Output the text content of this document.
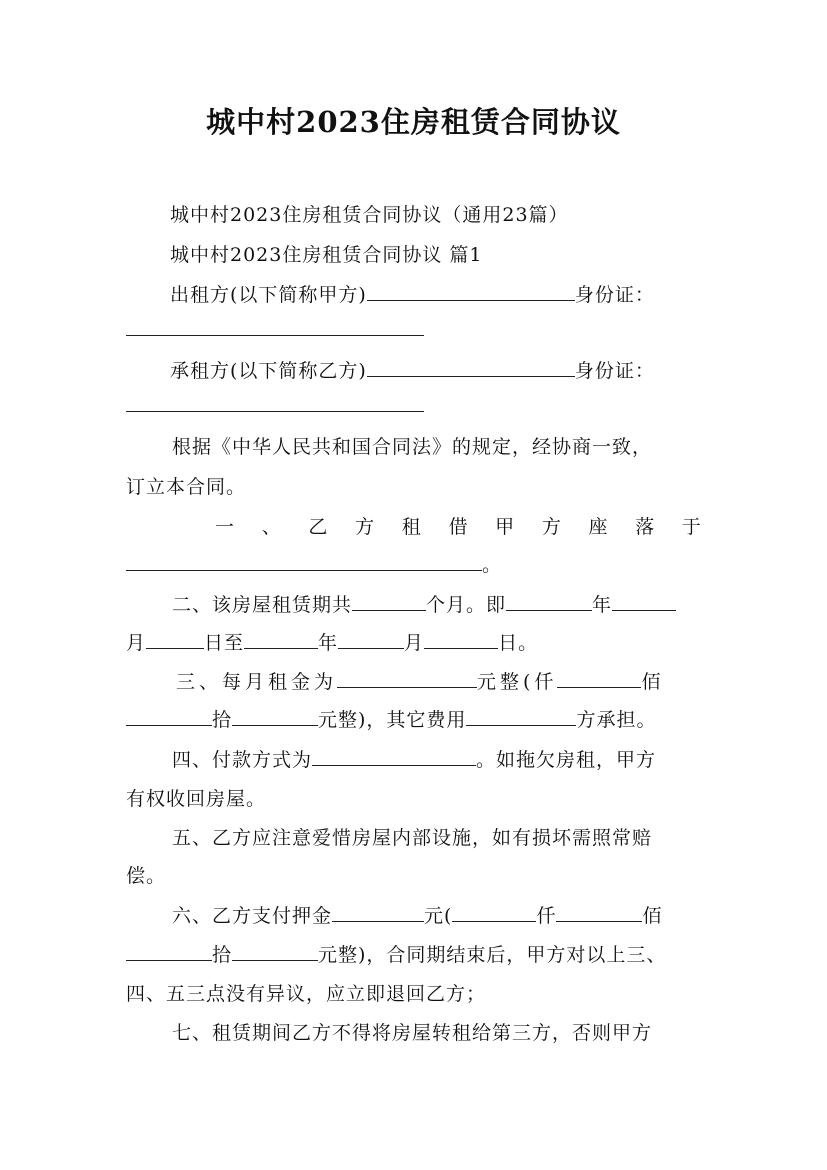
城中村2023住房租赁合同协议
城中村2023住房租赁合同协议（通用23篇）
城中村2023住房租赁合同协议 篇1
出租方(以下简称甲方)	身份证：
承租方(以下简称乙方)	身份证：
根据《中华人民共和国合同法》的规定，经协商一致，
订立本合同。
一 、 乙 方 租 借 甲 方 座 落 于
。
二、该房屋租赁期共	个月。即	年
月	日至	年	月	日。
三、每月租金为	元整(仟	佰
拾	元整)，其它费用	方承担。
四、付款方式为	。如拖欠房租，甲方
有权收回房屋。
五、乙方应注意爱惜房屋内部设施，如有损坏需照常赔
偿。
六、乙方支付押金	元(	仟	佰
拾	元整)，合同期结束后，甲方对以上三、
四、五三点没有异议，应立即退回乙方；
七、租赁期间乙方不得将房屋转租给第三方，否则甲方
